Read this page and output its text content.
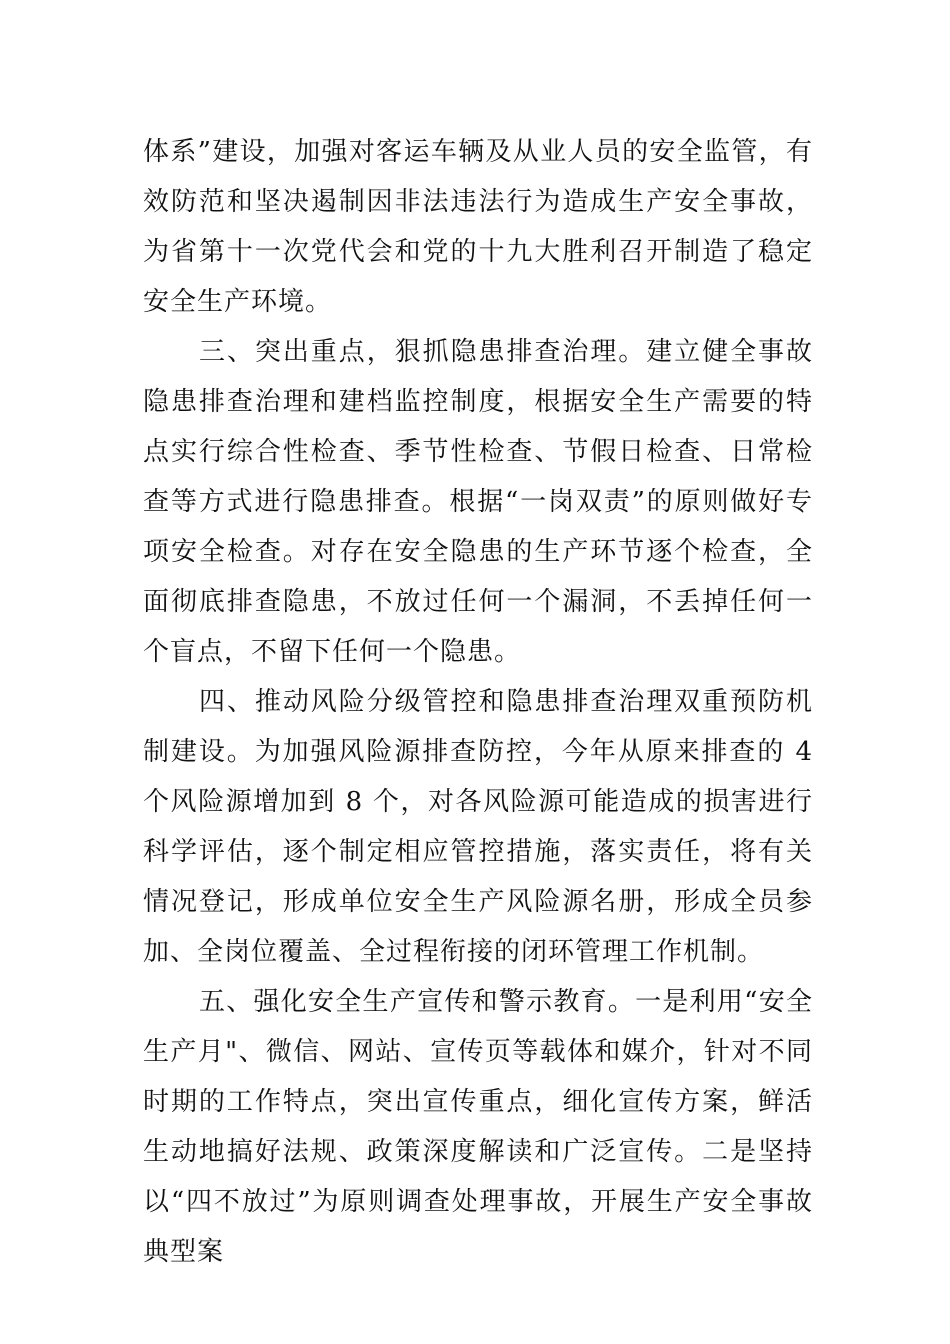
体系”建设，加强对客运车辆及从业人员的安全监管，有效防范和坚决遏制因非法违法行为造成生产安全事故，为省第十一次党代会和党的十九大胜利召开制造了稳定安全生产环境。

三、突出重点，狠抓隐患排查治理。建立健全事故隐患排查治理和建档监控制度，根据安全生产需要的特点实行综合性检查、季节性检查、节假日检查、日常检查等方式进行隐患排查。根据“一岗双责”的原则做好专项安全检查。对存在安全隐患的生产环节逐个检查，全面彻底排查隐患，不放过任何一个漏洞，不丢掉任何一个盲点，不留下任何一个隐患。

四、推动风险分级管控和隐患排查治理双重预防机制建设。为加强风险源排查防控，今年从原来排查的 4 个风险源增加到 8 个，对各风险源可能造成的损害进行科学评估，逐个制定相应管控措施，落实责任，将有关情况登记，形成单位安全生产风险源名册，形成全员参加、全岗位覆盖、全过程衔接的闭环管理工作机制。

五、强化安全生产宣传和警示教育。一是利用“安全生产月"、微信、网站、宣传页等载体和媒介，针对不同时期的工作特点，突出宣传重点，细化宣传方案，鲜活生动地搞好法规、政策深度解读和广泛宣传。二是坚持以“四不放过”为原则调查处理事故，开展生产安全事故典型案
